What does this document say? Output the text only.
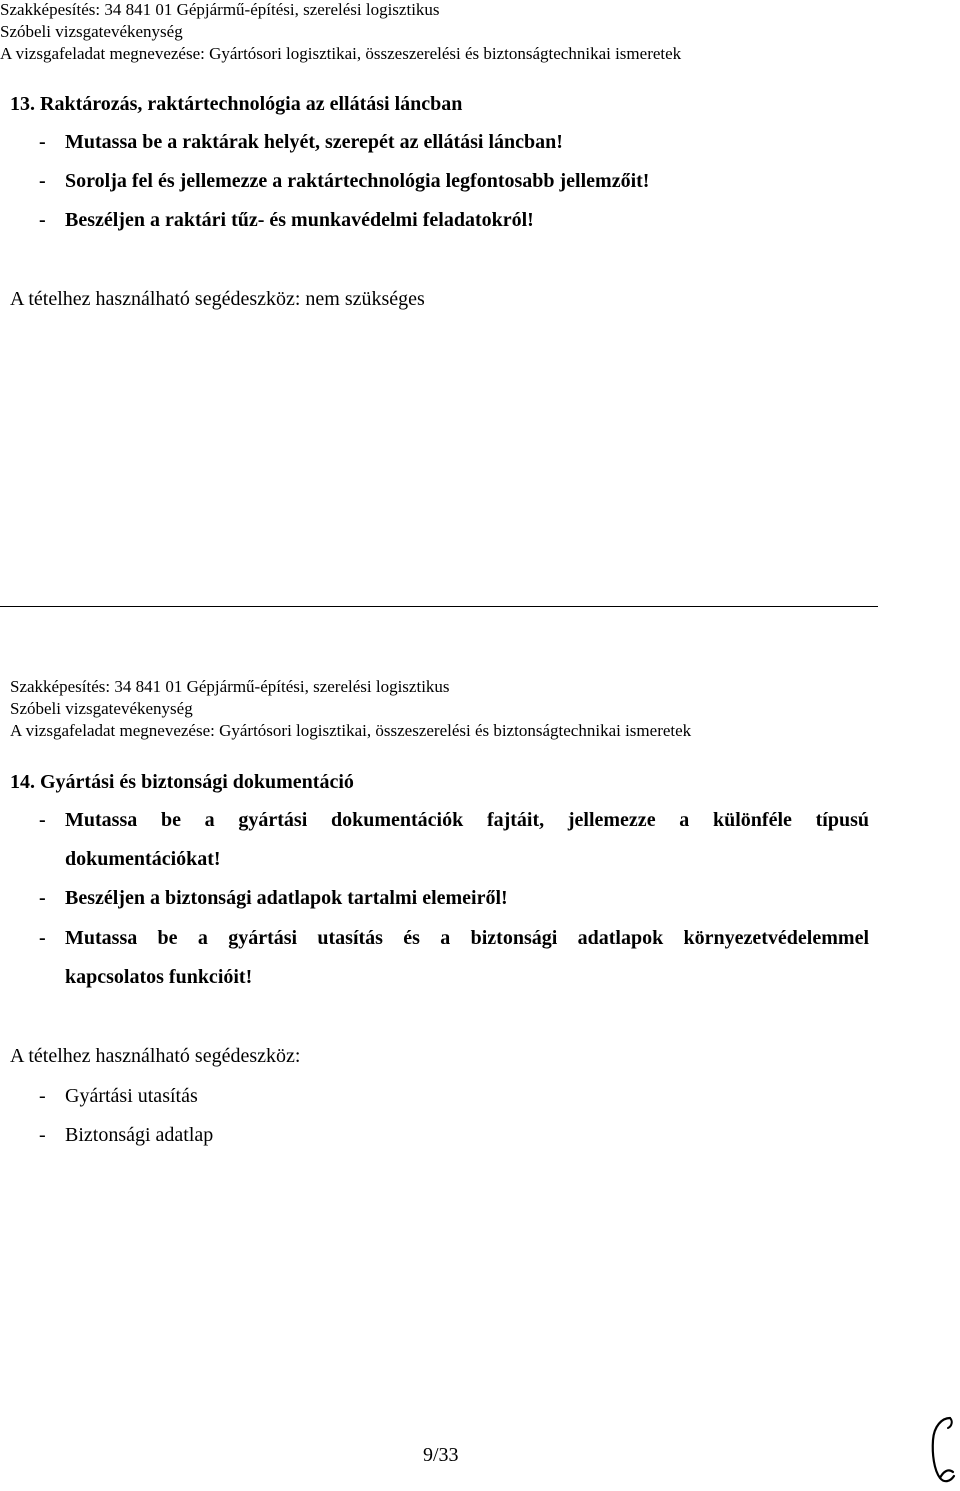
Szakképesítés: 34 841 01 Gépjármű-építési, szerelési logisztikus
Szóbeli vizsgatevékenység
A vizsgafeladat megnevezése: Gyártósori logisztikai, összeszerelési és biztonságtechnikai ismeretek
13. Raktározás, raktártechnológia az ellátási láncban
- Mutassa be a raktárak helyét, szerepét az ellátási láncban!
- Sorolja fel és jellemezze a raktártechnológia legfontosabb jellemzőit!
- Beszéljen a raktári tűz- és munkavédelmi feladatokról!
A tételhez használható segédeszköz: nem szükséges
Szakképesítés: 34 841 01 Gépjármű-építési, szerelési logisztikus
Szóbeli vizsgatevékenység
A vizsgafeladat megnevezése: Gyártósori logisztikai, összeszerelési és biztonságtechnikai ismeretek
14. Gyártási és biztonsági dokumentáció
- Mutassa be a gyártási dokumentációk fajtáit, jellemezze a különféle típusú
dokumentációkat!
- Beszéljen a biztonsági adatlapok tartalmi elemeiről!
- Mutassa be a gyártási utasítás és a biztonsági adatlapok környezetvédelemmel
kapcsolatos funkcióit!
A tételhez használható segédeszköz:
- Gyártási utasítás
- Biztonsági adatlap
9/33
